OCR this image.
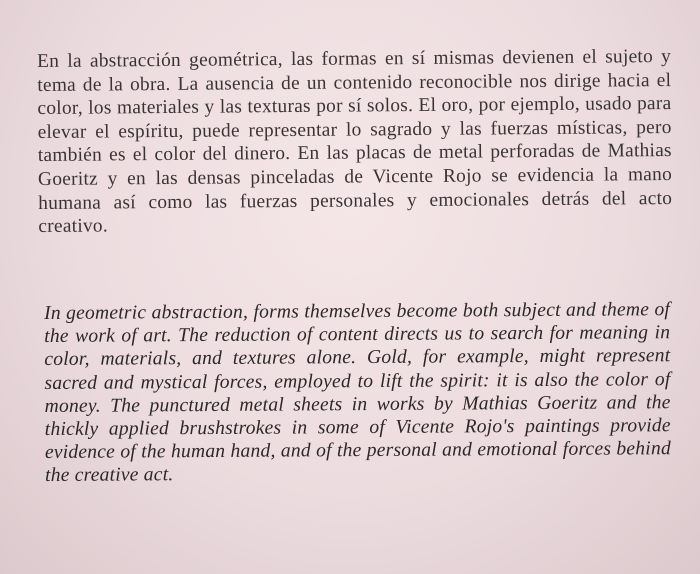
En la abstracción geométrica, las formas en sí mismas devienen el sujeto y tema de la obra. La ausencia de un contenido reconocible nos dirige hacia el color, los materiales y las texturas por sí solos. El oro, por ejemplo, usado para elevar el espíritu, puede representar lo sagrado y las fuerzas místicas, pero también es el color del dinero. En las placas de metal perforadas de Mathias Goeritz y en las densas pinceladas de Vicente Rojo se evidencia la mano humana así como las fuerzas personales y emocionales detrás del acto creativo.

In geometric abstraction, forms themselves become both subject and theme of the work of art. The reduction of content directs us to search for meaning in color, materials, and textures alone. Gold, for example, might represent sacred and mystical forces, employed to lift the spirit: it is also the color of money. The punctured metal sheets in works by Mathias Goeritz and the thickly applied brushstrokes in some of Vicente Rojo's paintings provide evidence of the human hand, and of the personal and emotional forces behind the creative act.
